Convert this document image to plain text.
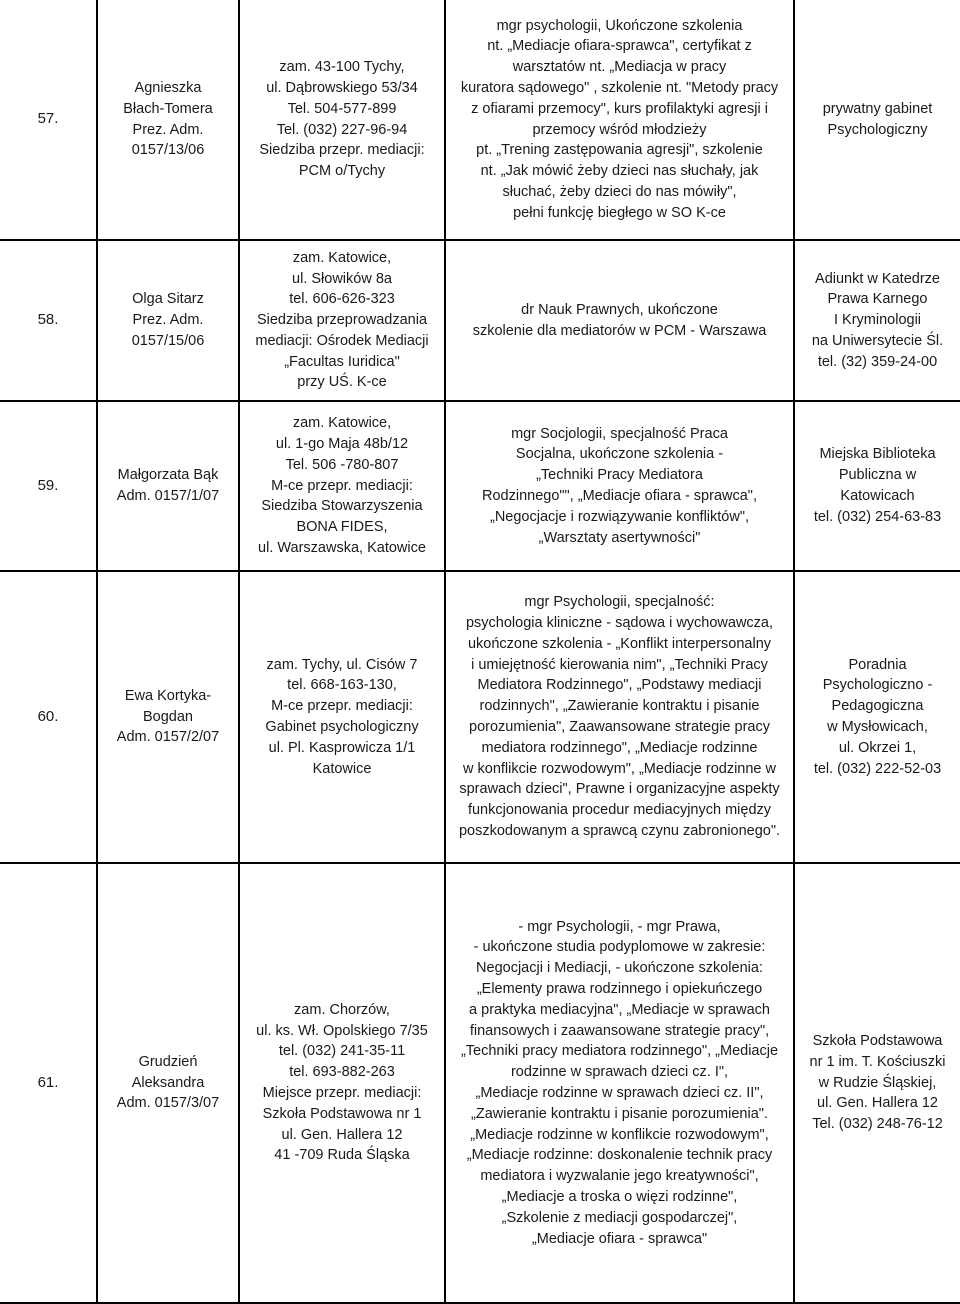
57.
Agnieszka
Błach-Tomera
Prez. Adm.
0157/13/06
zam. 43-100 Tychy,
ul. Dąbrowskiego 53/34
Tel. 504-577-899
Tel. (032) 227-96-94
Siedziba przepr. mediacji:
PCM o/Tychy
mgr psychologii, Ukończone szkolenia
nt. „Mediacje ofiara-sprawca", certyfikat z
warsztatów nt. „Mediacja w pracy
kuratora sądowego" , szkolenie nt. "Metody pracy
z ofiarami przemocy", kurs profilaktyki agresji i
przemocy wśród młodzieży
pt. „Trening zastępowania agresji", szkolenie
nt. „Jak mówić żeby dzieci nas słuchały, jak
słuchać, żeby dzieci do nas mówiły",
pełni funkcję biegłego w SO K-ce
prywatny gabinet
Psychologiczny
58.
Olga Sitarz
Prez. Adm.
0157/15/06
zam. Katowice,
ul. Słowików 8a
tel. 606-626-323
Siedziba przeprowadzania
mediacji: Ośrodek Mediacji
„Facultas Iuridica"
przy UŚ. K-ce
dr Nauk Prawnych, ukończone
szkolenie dla mediatorów w PCM - Warszawa
Adiunkt w Katedrze
Prawa Karnego
I Kryminologii
na Uniwersytecie Śl.
tel. (32) 359-24-00
59.
Małgorzata Bąk
Adm. 0157/1/07
zam. Katowice,
ul. 1-go Maja 48b/12
Tel. 506 -780-807
M-ce przepr. mediacji:
Siedziba Stowarzyszenia
BONA FIDES,
ul. Warszawska, Katowice
mgr Socjologii, specjalność Praca
Socjalna, ukończone szkolenia -
„Techniki Pracy Mediatora
Rodzinnego"", „Mediacje ofiara - sprawca",
„Negocjacje i rozwiązywanie konfliktów",
„Warsztaty asertywności"
Miejska Biblioteka
Publiczna w
Katowicach
tel. (032) 254-63-83
60.
Ewa Kortyka-
Bogdan
Adm. 0157/2/07
zam. Tychy, ul. Cisów 7
tel. 668-163-130,
M-ce przepr. mediacji:
Gabinet psychologiczny
ul. Pl. Kasprowicza 1/1
Katowice
mgr Psychologii, specjalność:
psychologia kliniczne - sądowa i wychowawcza,
ukończone szkolenia - „Konflikt interpersonalny
i umiejętność kierowania nim", „Techniki Pracy
Mediatora Rodzinnego", „Podstawy mediacji
rodzinnych", „Zawieranie kontraktu i pisanie
porozumienia", Zaawansowane strategie pracy
mediatora rodzinnego", „Mediacje rodzinne
w konflikcie rozwodowym", „Mediacje rodzinne w
sprawach dzieci", Prawne i organizacyjne aspekty
funkcjonowania procedur mediacyjnych między
poszkodowanym a sprawcą czynu zabronionego".
Poradnia
Psychologiczno -
Pedagogiczna
w Mysłowicach,
ul. Okrzei 1,
tel. (032) 222-52-03
61.
Grudzień
Aleksandra
Adm. 0157/3/07
zam. Chorzów,
ul. ks. Wł. Opolskiego 7/35
tel. (032) 241-35-11
tel. 693-882-263
Miejsce przepr. mediacji:
Szkoła Podstawowa nr 1
ul. Gen. Hallera 12
41 -709 Ruda Śląska
- mgr Psychologii, - mgr Prawa,
- ukończone studia podyplomowe w zakresie:
Negocjacji i Mediacji, - ukończone szkolenia:
„Elementy prawa rodzinnego i opiekuńczego
a praktyka mediacyjna", „Mediacje w sprawach
finansowych i zaawansowane strategie pracy",
„Techniki pracy mediatora rodzinnego", „Mediacje
rodzinne w sprawach dzieci cz. I",
„Mediacje rodzinne w sprawach dzieci cz. II",
„Zawieranie kontraktu i pisanie porozumienia".
„Mediacje rodzinne w konflikcie rozwodowym",
„Mediacje rodzinne: doskonalenie technik pracy
mediatora i wyzwalanie jego kreatywności",
„Mediacje a troska o więzi rodzinne",
„Szkolenie z mediacji gospodarczej",
„Mediacje ofiara - sprawca"
Szkoła Podstawowa
nr 1 im. T. Kościuszki
w Rudzie Śląskiej,
ul. Gen. Hallera 12
Tel. (032) 248-76-12
